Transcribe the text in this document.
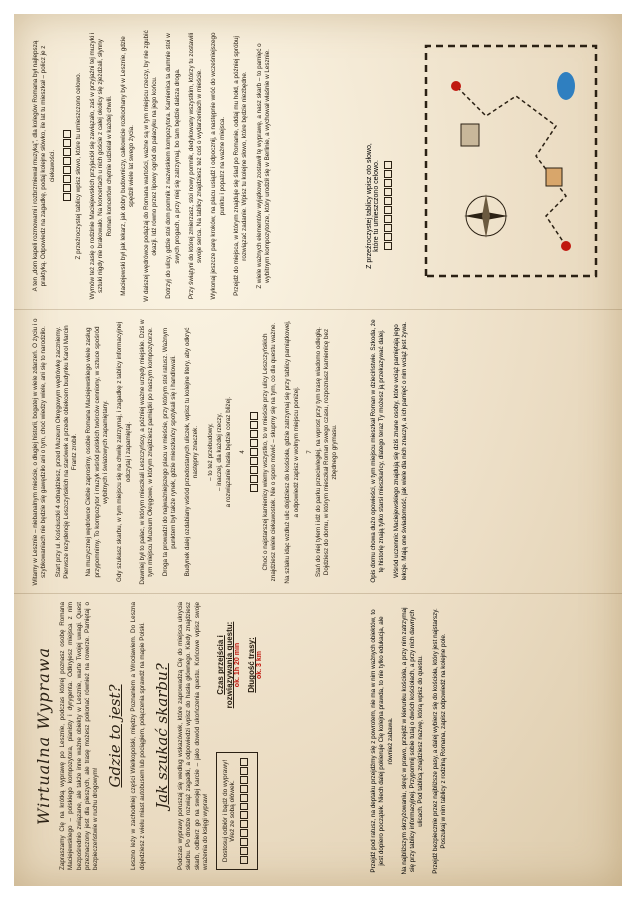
Wirtualna Wyprawa Zapraszamy Cię na krótką wyprawę po Lesznie, podczas której poznasz osobę Romana Maciejewskiego – polskiego kompozytora, pianisty i dyrygenta. Odkryjesz miejsca z nim bezpośrednio związane, ale także inne ważne obiekty w Lesznie, warte Twojej uwagi. Quest przeznaczony jest dla pieszych, ale trasę możesz pokonać również na rowerze. Pamiętaj o bezpieczeństwie w ruchu drogowym!

Gdzie to jest? Leszno leży w zachodniej części Wielkopolski, między Poznaniem a Wrocławiem. Do Leszna dojedziesz z wielu miast autobusem lub pociągiem, połączenia sprawdź na mapie Polski. Jak szukać skarbu? Podczas wyprawy poruszaj się według wskazówek, które zaprowadzą Cię do miejsca ukrycia skarbu. Po drodze rozwiąż zagadki, a odpowiedzi wpisz do hasła głównego. Kiedy znajdziesz skarb, odbierz go na swojej karcie – jako dowód ukończenia questu. Końcowe wpisz swoje wrażenia do księgi wypraw! Dostosuj odbiór i bądź do wyprawy! Weź ze sobą ołówek.
Czas przejścia i rozwiązywania questu: ok. 1h 20 min Długość trasy: ok. 3 km

Witamy w Lesznie – niebanalnym mieście, o długiej historii, bogatej w wiele zdarzeń. O życiu i o szybkowaniach nie będzie się gawędziło ani o tym, choć wiedzy wiele, ani się to narodziło. Start przy ul. Kościuszki 4 odnajdziesz, przed Muzeum Okręgowym wędrówkę zaczniemy. Pierwsze rezydencję Leszczyńskich na starówek a przede obiekcem budynku Karol Marcin Frantz zrobił. Na muzycznej wędrówce Ciebie zaprosimy, osobie Romana Maciejewskiego wiele zasług przypomnimy. To kompozytor i muzyk wśród polskich twórców cenniony, w sztuce spośród wybitnych i światowych zapamiętany. Gdy szukasz skarbu, w tym miejscu się na chwilę zatrzymaj, i zagadkę z tablicy informacyjnej odczytaj i zapamiętaj. Dawniej był to pałac, w którym mieszkali Leszczyńscy, a później ważne urzędy miejskie. Dziś w tym miejscu Muzeum Okręgowe, w którym znajdziesz pamiątki po naszym kompozytorze. Droga ta prowadzi do najważniejszego placu w mieście, przy którym stoi ratusz. Ważnym punktem był także rynek, gdzie mieszkańcy spotykali się i handlowali. Budynek dalej ozdabiany wśród przedostanych uliczek, wpisz tu kolejne litery, aby odkryć następny znaczek. – to też przebudowy, – inaczej, dla każdej rzeczy, a rozwiązanie hasła będzie coraz bliżej. 4	Choć o najstarszej kamienicy wiemy wszystko, to w mieście przy ulicy Leszczyńskich znajdziesz wiele ciekawostek. Nie o sporo mówić – skupmy się na tym, co dla questu ważne. Na szlaku idąc wzdłuż ulic dojdziesz do kościoła, gdzie zatrzymaj się przy tablicy pamiątkowej, a odpowiedź zapisz w wolnym miejscu poniżej. 7 Stań do niej tyłem i idź do parku przeciwległej, na wprost przy tym trasę wiadomo odległą. Dojdziesz do domu, w którym mieszkał Roman swego czasu, rozpoznasz kamienicę bez zbędnego grymasu.

A ten „dom kapeli rozmowami i rozbrzmiewał muzyką", dla kolegów Romana był najlepszą praktyką. Odpowiedz na zagadkę, podaj kolejne słówko, ile lat tu mieszkał – policz je z ciekawości.	Z przeźroczystej tablicy wpisz słowo, które tu umieszczono celowo. Wymów też zasię o rodzinie Maciejewskich przyjaciół się zawiązało, zaś w przyjaźni tej muzyki i sztuki nigdy nie brakowało. Na koncertach u nich goście z całej okolicy się zjeżdżali, słynny Roman koncertów chętnie udzielał w każdej chwili. Maciejewski był jak lekarz, jak dobry budowniczy, całkowicie rozkochany był w Lesznie, gdzie spędził wiele lat swego życia. W dalszej wędrówce podążaj do Romana wartości, ważne są w tym miejscu rzeczy, by nie zgubić okazji. Idź równo przez lipowy ogród do pałacyku na jego końcu. Dotrzyj do ulicy, gdzie stoi dom pomnik z nazwiskiem kompozytora. Kamienica ta dumnie stoi w swych progach, a przy niej się zatrzymaj, bo tam będzie dalsza droga. Przy świątyni do której zmierzasz, stoi nowy pomnik, dedykowany wszystkim, którzy tu zostawili swoje serca. Na tablicy znajdziesz też coś o wydarzeniach w mieście. Wykonaj jeszcze parę kroków, na placu usiądź i odpocznij, a następnie wróć do wcześniejszego punktu i popatrz na ważne miejsca. Przejdź do miejsca, w którym znajduje się ślad po Romanie, oddaj mu hołd, a później spróbuj rozwiązać zadanie. Wpisz tu kolejne słowo, które będzie niezbędne. Z wiele ważnych elementów wyjątkowy zostawił tę wyprawę, a nasz skarb – to pamięć o wybitnym kompozytorze, który urodził się w Berlinie, a wychował właśnie w Lesznie.	Z przeźroczystej tablicy wpisz oto słowo, które tu umieszczono celowo.

Przejdź pod ratusz, na deptaku przejdźmy się z powrotem, nie ma w nim ważnych obiektów, to jest dopiero początek. Niech dalej pokieruje Cię kolejna prawda, to nie tylko edukacja, ale również zabawa. Na najbliższym skrzyżowaniu, skręć w prawo, przejdź w kierunku kościoła, a przy nim zatrzymaj się przy tablicy informacyjnej. Przypomnij sobie tutaj o dwóch kościołach, a przy nich dawnych ulicach. Pod tablicą znajdziesz nazwę, którą wpisz do questu. Przejdź bezpiecznie przez najbliższe pasy, a dalej wybierz się do kościoła, który jest najstarszy. Poszukaj w nim tablicy z rodziną Romana, zapisz odpowiedź na kolejne pole.

Opis domu chowa dużo opowieści, w tym miejscu mieszkał Roman w dzieciństwie. Szkoda, że tę historię znają tylko starsi mieszkańcy, dlatego teraz Ty możesz ją przekazywać dalej. Wśród uczennic Maciejewskiego znajdują się dziś znane osoby, które wciąż pamiętają jego lekcje. Mają one świadomość, jak wiele dla nich znaczył, a ich pamięć o nim wciąż jest żywa.
